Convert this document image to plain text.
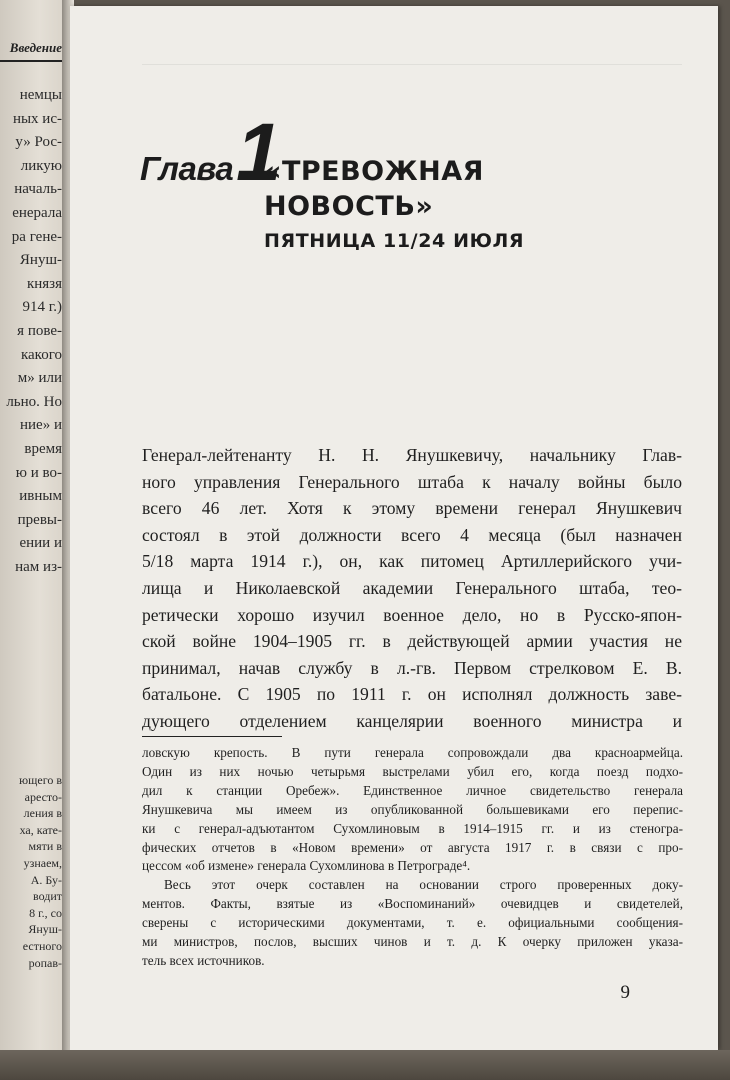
Введение
немцы
ных ис-
у» Рос-
ликую
началь-
енерала
ра гене-
Януш-
князя
914 г.)
я пове-
какого
м» или
льно. Но
ние» и
время
ю и во-
ивным
превы-
ении и
нам из-
ющего в
аресто-
ления в
ха, кате-
мяти в
узнаем,
А. Бу-
водит
8 г., со
Януш-
естного
ропав-
Глава 1
«ТРЕВОЖНАЯ
НОВОСТЬ»
ПЯТНИЦА 11/24 ИЮЛЯ
Генерал-лейтенанту Н. Н. Янушкевичу, начальнику Глав-
ного управления Генерального штаба к началу войны было
всего 46 лет. Хотя к этому времени генерал Янушкевич
состоял в этой должности всего 4 месяца (был назначен
5/18 марта 1914 г.), он, как питомец Артиллерийского учи-
лища и Николаевской академии Генерального штаба, тео-
ретически хорошо изучил военное дело, но в Русско-япон-
ской войне 1904–1905 гг. в действующей армии участия не
принимал, начав службу в л.-гв. Первом стрелковом Е. В.
батальоне. С 1905 по 1911 г. он исполнял должность заве-
дующего отделением канцелярии военного министра и
ловскую крепость. В пути генерала сопровождали два красноармейца.
Один из них ночью четырьмя выстрелами убил его, когда поезд подхо-
дил к станции Оребеж». Единственное личное свидетельство генерала
Янушкевича мы имеем из опубликованной большевиками его перепис-
ки с генерал-адъютантом Сухомлиновым в 1914–1915 гг. и из стеногра-
фических отчетов в «Новом времени» от августа 1917 г. в связи с про-
цессом «об измене» генерала Сухомлинова в Петрограде⁴.
Весь этот очерк составлен на основании строго проверенных доку-
ментов. Факты, взятые из «Воспоминаний» очевидцев и свидетелей,
сверены с историческими документами, т. е. официальными сообщения-
ми министров, послов, высших чинов и т. д. К очерку приложен указа-
тель всех источников.
9
